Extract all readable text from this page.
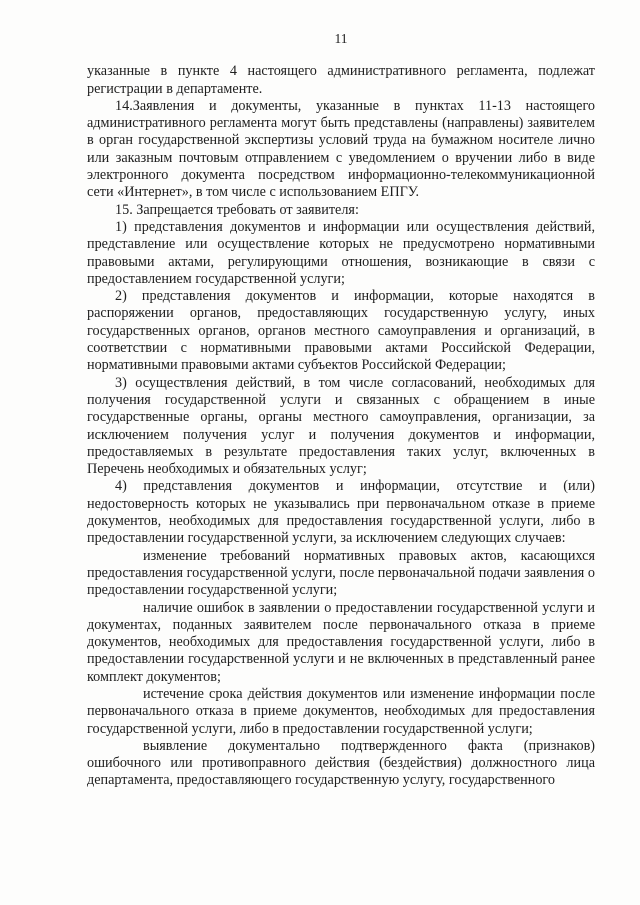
11

указанные в пункте 4 настоящего административного регламента, подлежат регистрации в департаменте.

14.Заявления и документы, указанные в пунктах 11-13 настоящего административного регламента могут быть представлены (направлены) заявителем в орган государственной экспертизы условий труда на бумажном носителе лично или заказным почтовым отправлением с уведомлением о вручении либо в виде электронного документа посредством информационно-телекоммуникационной сети «Интернет», в том числе с использованием ЕПГУ.

15. Запрещается требовать от заявителя:

1) представления документов и информации или осуществления действий, представление или осуществление которых не предусмотрено нормативными правовыми актами, регулирующими отношения, возникающие в связи с предоставлением государственной услуги;

2) представления документов и информации, которые находятся в распоряжении органов, предоставляющих государственную услугу, иных государственных органов, органов местного самоуправления и организаций, в соответствии с нормативными правовыми актами Российской Федерации, нормативными правовыми актами субъектов Российской Федерации;

3) осуществления действий, в том числе согласований, необходимых для получения государственной услуги и связанных с обращением в иные государственные органы, органы местного самоуправления, организации, за исключением получения услуг и получения документов и информации, предоставляемых в результате предоставления таких услуг, включенных в Перечень необходимых и обязательных услуг;

4) представления документов и информации, отсутствие и (или) недостоверность которых не указывались при первоначальном отказе в приеме документов, необходимых для предоставления государственной услуги, либо в предоставлении государственной услуги, за исключением следующих случаев:

изменение требований нормативных правовых актов, касающихся предоставления государственной услуги, после первоначальной подачи заявления о предоставлении государственной услуги;

наличие ошибок в заявлении о предоставлении государственной услуги и документах, поданных заявителем после первоначального отказа в приеме документов, необходимых для предоставления государственной услуги, либо в предоставлении государственной услуги и не включенных в представленный ранее комплект документов;

истечение срока действия документов или изменение информации после первоначального отказа в приеме документов, необходимых для предоставления государственной услуги, либо в предоставлении государственной услуги;

выявление документально подтвержденного факта (признаков) ошибочного или противоправного действия (бездействия) должностного лица департамента, предоставляющего государственную услугу, государственного
